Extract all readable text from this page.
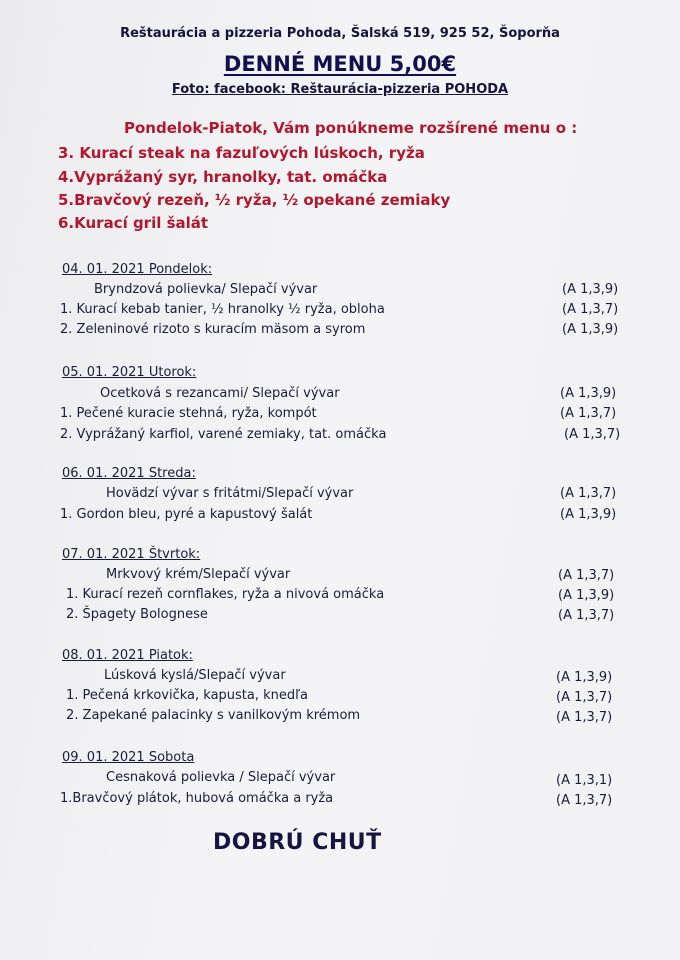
Reštaurácia a pizzeria Pohoda, Šalská 519, 925 52, Šoporňa
DENNÉ MENU 5,00€
Foto: facebook: Reštaurácia-pizzeria POHODA
Pondelok-Piatok, Vám ponúkneme rozšírené menu o :
3. Kurací steak na fazuľových lúskoch, ryža
4.Vyprážaný syr, hranolky, tat. omáčka
5.Bravčový rezeň, ½ ryža, ½ opekané zemiaky
6.Kurací gril šalát
04. 01. 2021 Pondelok:
Bryndzová polievka/ Slepačí vývar	(A 1,3,9)
1. Kurací kebab tanier, ½ hranolky ½ ryža, obloha	(A 1,3,7)
2. Zeleninové rizoto s kuracím mäsom a syrom	(A 1,3,9)
05. 01. 2021 Utorok:
Ocetková s rezancami/ Slepačí vývar	(A 1,3,9)
1. Pečené kuracie stehná, ryža, kompót	(A 1,3,7)
2. Vyprážaný karfiol, varené zemiaky, tat. omáčka	(A 1,3,7)
06. 01. 2021 Streda:
Hovädzí vývar s fritátmi/Slepačí vývar	(A 1,3,7)
1. Gordon bleu, pyré a kapustový šalát	(A 1,3,9)
07. 01. 2021 Štvrtok:
Mrkvový krém/Slepačí vývar	(A 1,3,7)
1. Kurací rezeň cornflakes, ryža a nivová omáčka	(A 1,3,9)
2. Špagety Bolognese	(A 1,3,7)
08. 01. 2021 Piatok:
Lúsková kyslá/Slepačí vývar	(A 1,3,9)
1. Pečená krkovička, kapusta, knedľa	(A 1,3,7)
2. Zapekané palacinky s vanilkovým krémom	(A 1,3,7)
09. 01. 2021 Sobota
Cesnaková polievka / Slepačí vývar	(A 1,3,1)
1.Bravčový plátok, hubová omáčka a ryža	(A 1,3,7)
DOBRÚ CHUŤ
